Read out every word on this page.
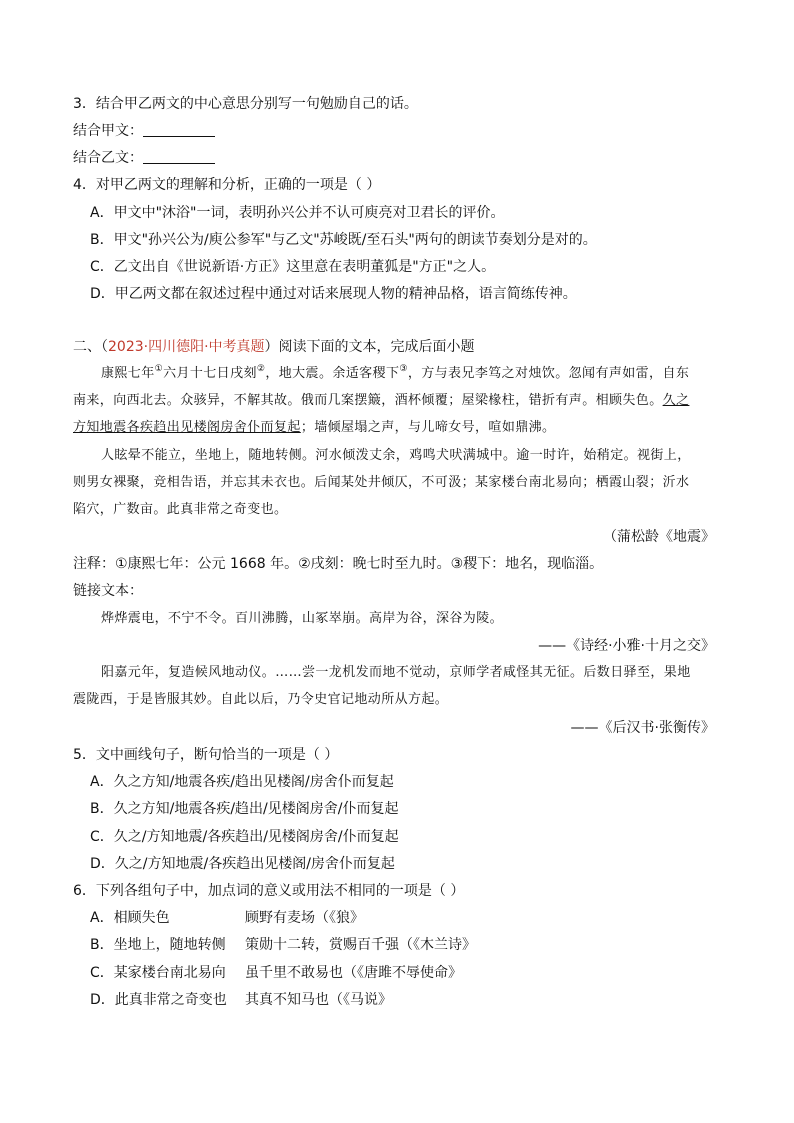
3．结合甲乙两文的中心意思分别写一句勉励自己的话。
结合甲文：
结合乙文：
4．对甲乙两文的理解和分析，正确的一项是（ ）
A．甲文中"沐浴"一词，表明孙兴公并不认可庾亮对卫君长的评价。
B．甲文"孙兴公为/庾公参军"与乙文"苏峻既/至石头"两句的朗读节奏划分是对的。
C．乙文出自《世说新语·方正》这里意在表明董狐是"方正"之人。
D．甲乙两文都在叙述过程中通过对话来展现人物的精神品格，语言简练传神。
二、（2023·四川德阳·中考真题）阅读下面的文本，完成后面小题
康熙七年①六月十七日戌刻②，地大震。余适客稷下③，方与表兄李笃之对烛饮。忽闻有声如雷，自东
南来，向西北去。众骇异，不解其故。俄而几案摆簸，酒杯倾覆；屋梁椽柱，错折有声。相顾失色。久之
方知地震各疾趋出见楼阁房舍仆而复起；墙倾屋塌之声，与儿啼女号，喧如鼎沸。
人眩晕不能立，坐地上，随地转侧。河水倾泼丈余，鸡鸣犬吠满城中。逾一时许，始稍定。视街上，
则男女裸聚，竞相告语，并忘其未衣也。后闻某处井倾仄，不可汲；某家楼台南北易向；栖霞山裂；沂水
陷穴，广数亩。此真非常之奇变也。
（蒲松龄《地震》
注释：①康熙七年：公元 1668 年。②戌刻：晚七时至九时。③稷下：地名，现临淄。
链接文本：
烨烨震电，不宁不令。百川沸腾，山冢崒崩。高岸为谷，深谷为陵。
——《诗经·小雅·十月之交》
阳嘉元年，复造候风地动仪。……尝一龙机发而地不觉动，京师学者咸怪其无征。后数日驿至，果地
震陇西，于是皆服其妙。自此以后，乃令史官记地动所从方起。
——《后汉书·张衡传》
5．文中画线句子，断句恰当的一项是（ ）
A．久之方知/地震各疾/趋出见楼阁/房舍仆而复起
B．久之方知/地震各疾/趋出/见楼阁房舍/仆而复起
C．久之/方知地震/各疾趋出/见楼阁房舍/仆而复起
D．久之/方知地震/各疾趋出见楼阁/房舍仆而复起
6．下列各组句子中，加点词的意义或用法不相同的一项是（ ）
A．相顾失色	顾野有麦场（《狼》
B．坐地上，随地转侧 策勋十二转，赏赐百千强（《木兰诗》
C．某家楼台南北易向 虽千里不敢易也（《唐雎不辱使命》
D．此真非常之奇变也 其真不知马也（《马说》
